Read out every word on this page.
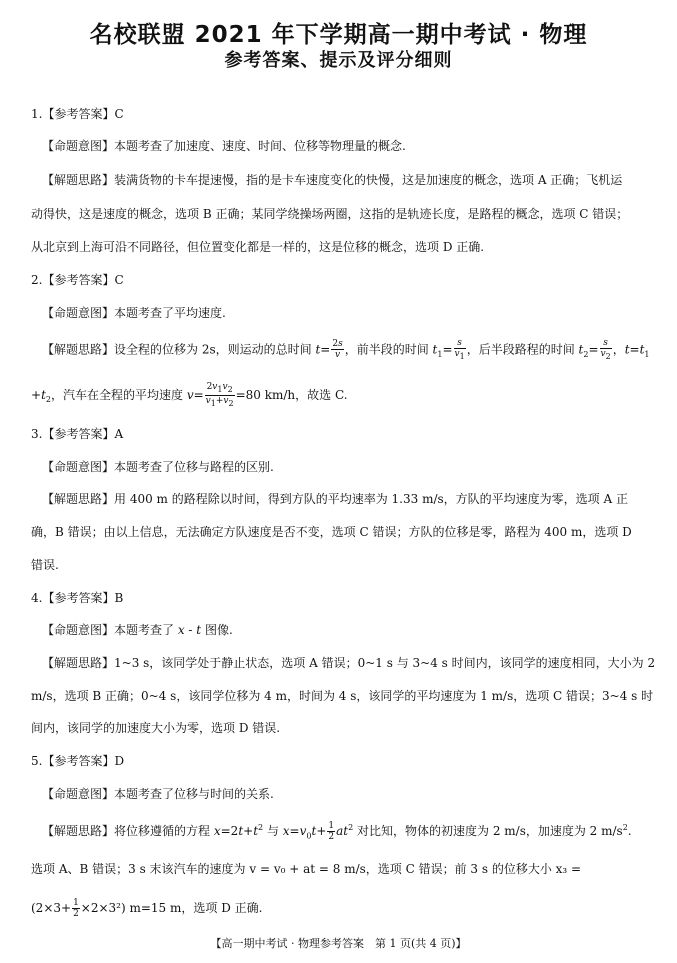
名校联盟 2021 年下学期高一期中考试 · 物理
参考答案、提示及评分细则
1.【参考答案】C
【命题意图】本题考查了加速度、速度、时间、位移等物理量的概念.
【解题思路】装满货物的卡车提速慢，指的是卡车速度变化的快慢，这是加速度的概念，选项 A 正确；飞机运
动得快，这是速度的概念，选项 B 正确；某同学绕操场两圈，这指的是轨迹长度，是路程的概念，选项 C 错误；
从北京到上海可沿不同路径，但位置变化都是一样的，这是位移的概念，选项 D 正确.
2.【参考答案】C
【命题意图】本题考查了平均速度.
【解题思路】设全程的位移为 2s，则运动的总时间 $t= \frac{2s}{v}$ ，前半段的时间 $t_1= \frac{s}{v_1}$ ，后半段路程的时间 $t_2= \frac{s}{v_2}$ ，$t=t_1$
$+t_2$，汽车在全程的平均速度 $v= \frac{2v_1v_2}{v_1+v_2} =80$ km/h，故选 C.
3.【参考答案】A
【命题意图】本题考查了位移与路程的区别.
【解题思路】用 400 m 的路程除以时间，得到方队的平均速率为 1.33 m/s，方队的平均速度为零，选项 A 正
确，B 错误；由以上信息，无法确定方队速度是否不变，选项 C 错误；方队的位移是零，路程为 400 m，选项 D
错误.
4.【参考答案】B
【命题意图】本题考查了 x - t 图像.
【解题思路】1~3 s，该同学处于静止状态，选项 A 错误；0~1 s 与 3~4 s 时间内，该同学的速度相同，大小为 2
m/s，选项 B 正确；0~4 s，该同学位移为 4 m，时间为 4 s，该同学的平均速度为 1 m/s，选项 C 错误；3~4 s 时
间内，该同学的加速度大小为零，选项 D 错误.
5.【参考答案】D
【命题意图】本题考查了位移与时间的关系.
【解题思路】将位移遵循的方程 $x=2t+t^2$ 与 $x=v_0t+ \frac{1}{2} at^2$ 对比知，物体的初速度为 2 m/s，加速度为 2 $m/s^2$.
选项 A、B 错误；3 s 末该汽车的速度为 v = v₀ + at = 8 m/s，选项 C 错误；前 3 s 的位移大小 x₃ =
$(2\times 3+ \frac{1}{2} \times 2\times 3^2)$ m=15 m，选项 D 正确.
【高一期中考试 · 物理参考答案　第 1 页(共 4 页)】
